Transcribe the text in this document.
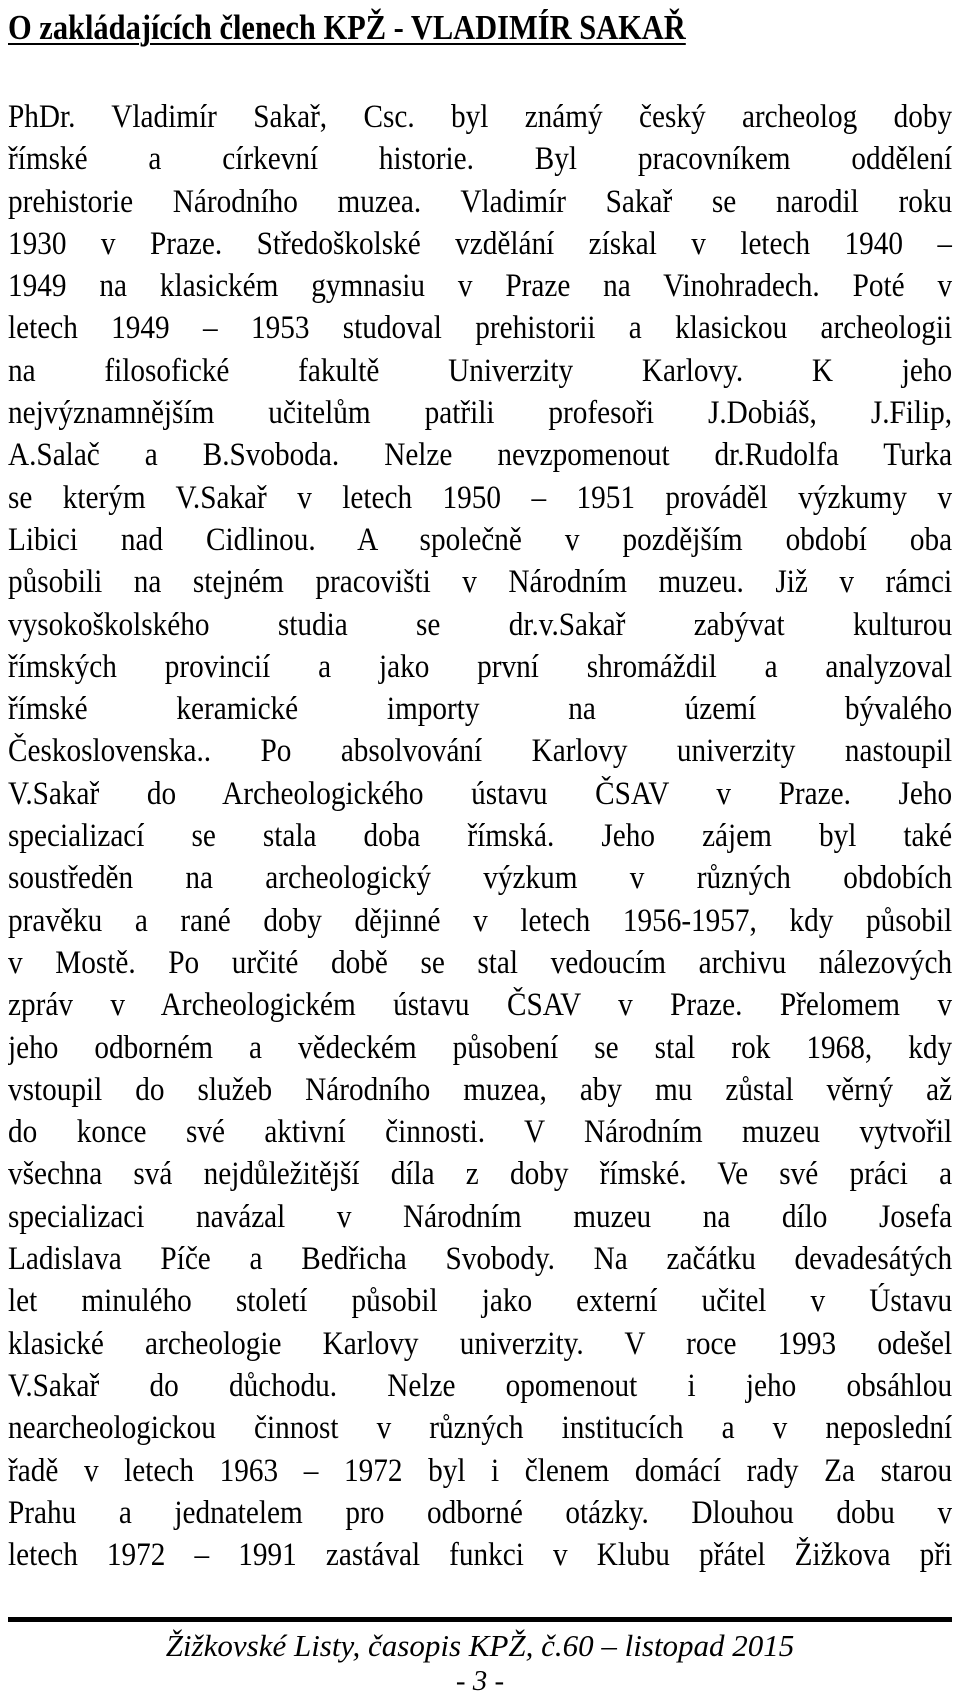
O zakládajících členech KPŽ - VLADIMÍR SAKAŘ
PhDr. Vladimír Sakař, Csc. byl známý český archeolog doby
římské a církevní historie. Byl pracovníkem oddělení
prehistorie Národního muzea. Vladimír Sakař se narodil roku
1930 v Praze. Středoškolské vzdělání získal v letech 1940 –
1949 na klasickém gymnasiu v Praze na Vinohradech. Poté v
letech 1949 – 1953 studoval prehistorii a klasickou archeologii
na filosofické fakultě Univerzity Karlovy. K jeho
nejvýznamnějším učitelům patřili profesoři J.Dobiáš, J.Filip,
A.Salač a B.Svoboda. Nelze nevzpomenout dr.Rudolfa Turka
se kterým V.Sakař v letech 1950 – 1951 prováděl výzkumy v
Libici nad Cidlinou. A společně v pozdějším období oba
působili na stejném pracovišti v Národním muzeu. Již v rámci
vysokoškolského studia se dr.v.Sakař zabývat kulturou
římských provincií a jako první shromáždil a analyzoval
římské keramické importy na území bývalého
Československa.. Po absolvování Karlovy univerzity nastoupil
V.Sakař do Archeologického ústavu ČSAV v Praze. Jeho
specializací se stala doba římská. Jeho zájem byl také
soustředěn na archeologický výzkum v různých obdobích
pravěku a rané doby dějinné v letech 1956-1957, kdy působil
v Mostě. Po určité době se stal vedoucím archivu nálezových
zpráv v Archeologickém ústavu ČSAV v Praze. Přelomem v
jeho odborném a vědeckém působení se stal rok 1968, kdy
vstoupil do služeb Národního muzea, aby mu zůstal věrný až
do konce své aktivní činnosti. V Národním muzeu vytvořil
všechna svá nejdůležitější díla z doby římské. Ve své práci a
specializaci navázal v Národním muzeu na dílo Josefa
Ladislava Píče a Bedřicha Svobody. Na začátku devadesátých
let minulého století působil jako externí učitel v Ústavu
klasické archeologie Karlovy univerzity. V roce 1993 odešel
V.Sakař do důchodu. Nelze opomenout i jeho obsáhlou
nearcheologickou činnost v různých institucích a v neposlední
řadě v letech 1963 – 1972 byl i členem domácí rady Za starou
Prahu a jednatelem pro odborné otázky. Dlouhou dobu v
letech 1972 – 1991 zastával funkci v Klubu přátel Žižkova při
Žižkovské Listy, časopis KPŽ, č.60 – listopad 2015
- 3 -
